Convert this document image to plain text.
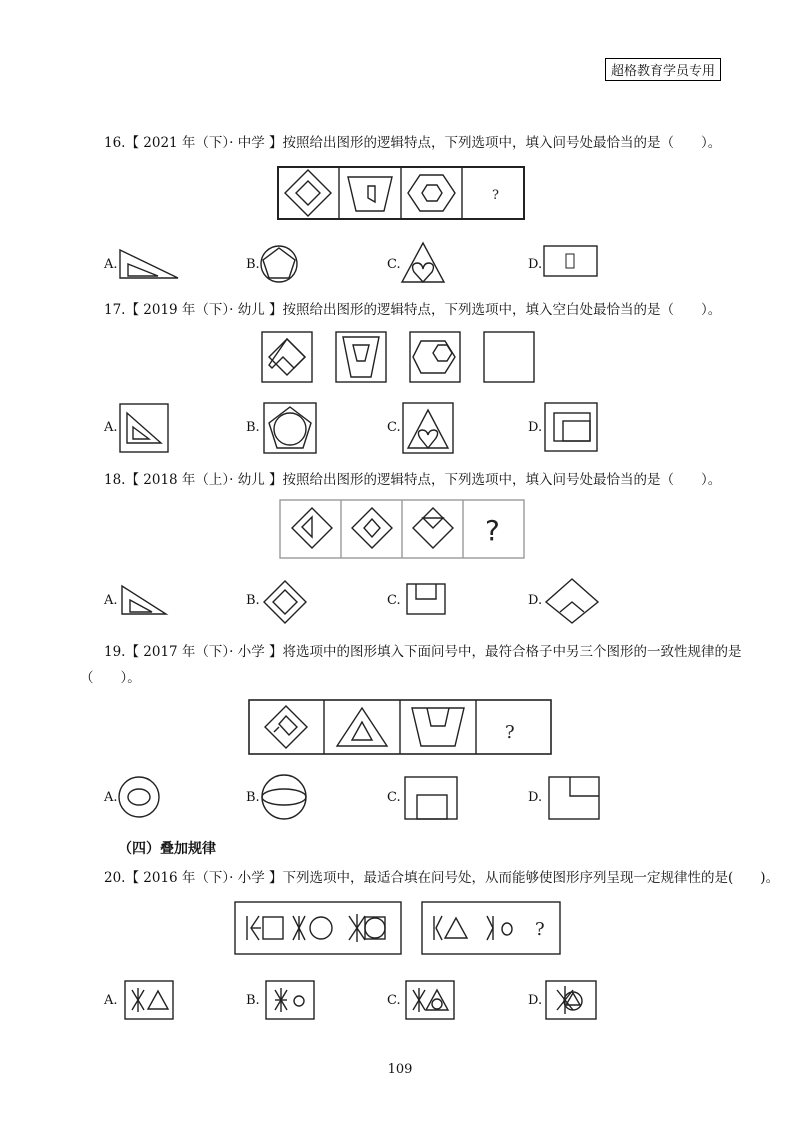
超格教育学员专用
16.【 2021 年（下）· 中学 】按照给出图形的逻辑特点，下列选项中，填入问号处最恰当的是（　　）。
?
A.	B.	C.	D.
17.【 2019 年（下）· 幼儿 】按照给出图形的逻辑特点，下列选项中，填入空白处最恰当的是（　　）。
A.	B.	C.	D.
18.【 2018 年（上）· 幼儿 】按照给出图形的逻辑特点，下列选项中，填入问号处最恰当的是（　　）。
?
A.	B.	C.	D.
19.【 2017 年（下）· 小学 】将选项中的图形填入下面问号中，最符合格子中另三个图形的一致性规律的是
（　　）。
?
A.	B.	C.	D.
（四）叠加规律
20.【 2016 年（下）· 小学 】下列选项中，最适合填在问号处，从而能够使图形序列呈现一定规律性的是(　　)。
?
A.	B.	C.	D.
109
